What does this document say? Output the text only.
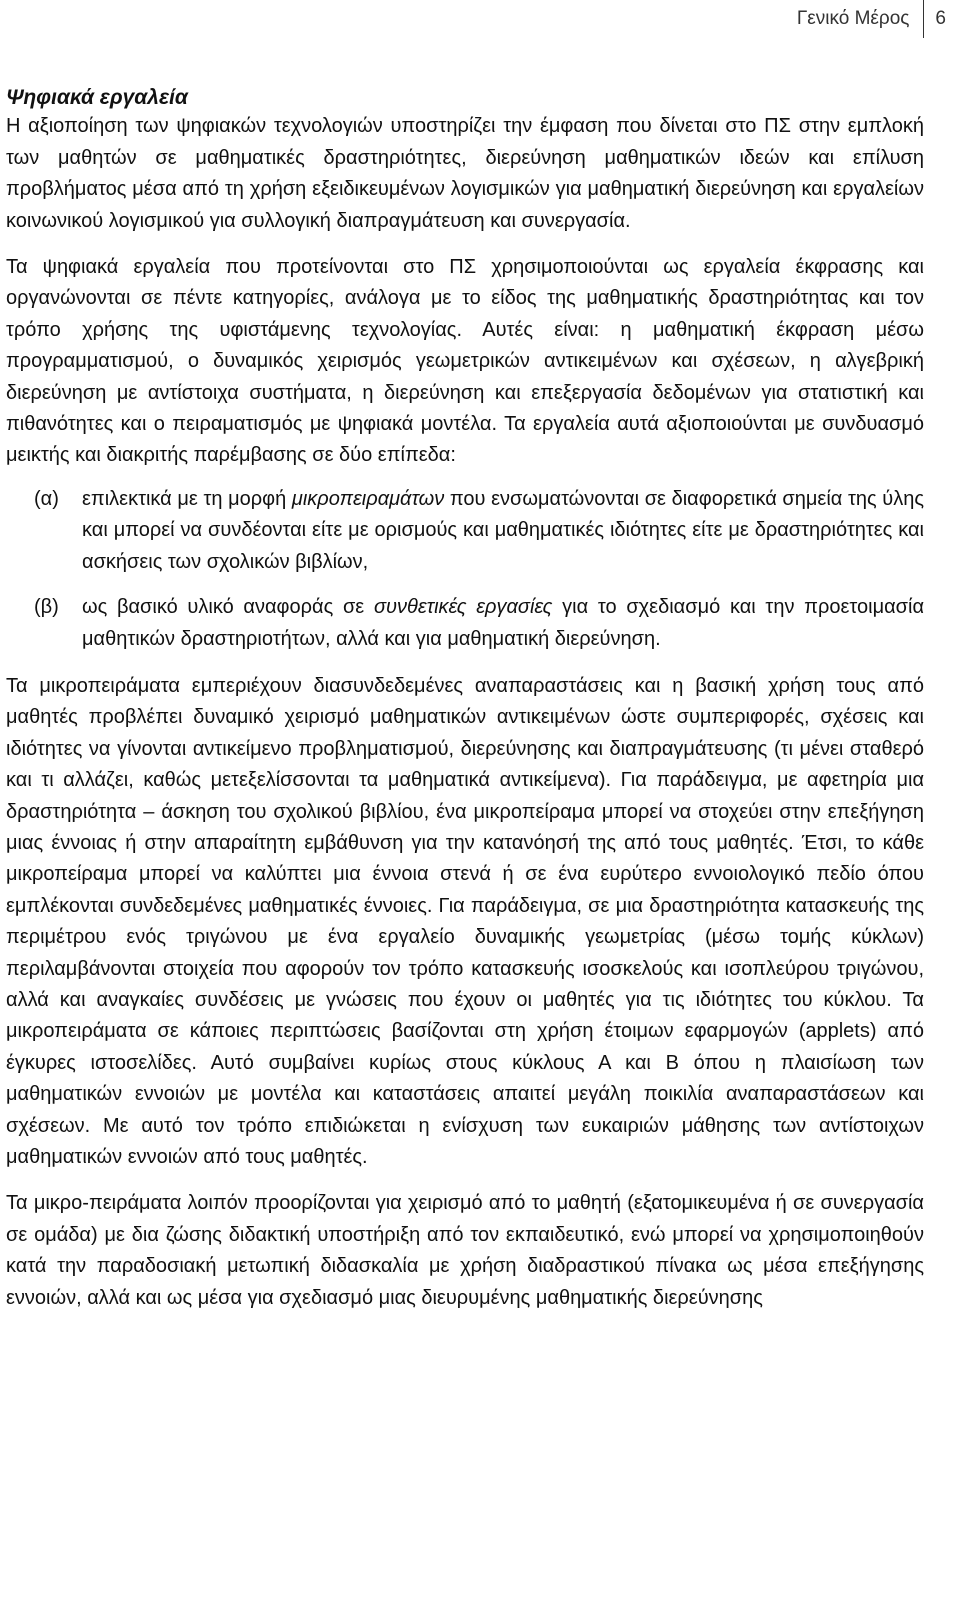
Γενικό Μέρος	6
Ψηφιακά εργαλεία

Η αξιοποίηση των ψηφιακών τεχνολογιών υποστηρίζει την έμφαση που δίνεται στο ΠΣ στην εμπλοκή των μαθητών σε μαθηματικές δραστηριότητες, διερεύνηση μαθηματικών ιδεών και επίλυση προβλήματος μέσα από τη χρήση εξειδικευμένων λογισμικών για μαθηματική διερεύνηση και εργαλείων κοινωνικού λογισμικού για συλλογική διαπραγμάτευση και συνεργασία.

Τα ψηφιακά εργαλεία που προτείνονται στο ΠΣ χρησιμοποιούνται ως εργαλεία έκφρασης και οργανώνονται σε πέντε κατηγορίες, ανάλογα με το είδος της μαθηματικής δραστηριότητας και τον τρόπο χρήσης της υφιστάμενης τεχνολογίας. Αυτές είναι: η μαθηματική έκφραση μέσω προγραμματισμού, ο δυναμικός χειρισμός γεωμετρικών αντικειμένων και σχέσεων, η αλγεβρική διερεύνηση με αντίστοιχα συστήματα, η διερεύνηση και επεξεργασία δεδομένων για στατιστική και πιθανότητες και ο πειραματισμός με ψηφιακά μοντέλα. Τα εργαλεία αυτά αξιοποιούνται με συνδυασμό μεικτής και διακριτής παρέμβασης σε δύο επίπεδα:

(α)	επιλεκτικά με τη μορφή μικροπειραμάτων που ενσωματώνονται σε διαφορετικά σημεία της ύλης και μπορεί να συνδέονται είτε με ορισμούς και μαθηματικές ιδιότητες είτε με δραστηριότητες και ασκήσεις των σχολικών βιβλίων,
(β)	ως βασικό υλικό αναφοράς σε συνθετικές εργασίες για το σχεδιασμό και την προετοιμασία μαθητικών δραστηριοτήτων, αλλά και για μαθηματική διερεύνηση.

Τα μικροπειράματα εμπεριέχουν διασυνδεδεμένες αναπαραστάσεις και η βασική χρήση τους από μαθητές προβλέπει δυναμικό χειρισμό μαθηματικών αντικειμένων ώστε συμπεριφορές, σχέσεις και ιδιότητες να γίνονται αντικείμενο προβληματισμού, διερεύνησης και διαπραγμάτευσης (τι μένει σταθερό και τι αλλάζει, καθώς μετεξελίσσονται τα μαθηματικά αντικείμενα). Για παράδειγμα, με αφετηρία μια δραστηριότητα – άσκηση του σχολικού βιβλίου, ένα μικροπείραμα μπορεί να στοχεύει στην επεξήγηση μιας έννοιας ή στην απαραίτητη εμβάθυνση για την κατανόησή της από τους μαθητές. Έτσι, το κάθε μικροπείραμα μπορεί να καλύπτει μια έννοια στενά ή σε ένα ευρύτερο εννοιολογικό πεδίο όπου εμπλέκονται συνδεδεμένες μαθηματικές έννοιες. Για παράδειγμα, σε μια δραστηριότητα κατασκευής της περιμέτρου ενός τριγώνου με ένα εργαλείο δυναμικής γεωμετρίας (μέσω τομής κύκλων) περιλαμβάνονται στοιχεία που αφορούν τον τρόπο κατασκευής ισοσκελούς και ισοπλεύρου τριγώνου, αλλά και αναγκαίες συνδέσεις με γνώσεις που έχουν οι μαθητές για τις ιδιότητες του κύκλου. Τα μικροπειράματα σε κάποιες περιπτώσεις βασίζονται στη χρήση έτοιμων εφαρμογών (applets) από έγκυρες ιστοσελίδες. Αυτό συμβαίνει κυρίως στους κύκλους Α και Β όπου η πλαισίωση των μαθηματικών εννοιών με μοντέλα και καταστάσεις απαιτεί μεγάλη ποικιλία αναπαραστάσεων και σχέσεων. Με αυτό τον τρόπο επιδιώκεται η ενίσχυση των ευκαιριών μάθησης των αντίστοιχων μαθηματικών εννοιών από τους μαθητές.

Τα μικρο-πειράματα λοιπόν προορίζονται για χειρισμό από το μαθητή (εξατομικευμένα ή σε συνεργασία σε ομάδα) με δια ζώσης διδακτική υποστήριξη από τον εκπαιδευτικό, ενώ μπορεί να χρησιμοποιηθούν κατά την παραδοσιακή μετωπική διδασκαλία με χρήση διαδραστικού πίνακα ως μέσα επεξήγησης εννοιών, αλλά και ως μέσα για σχεδιασμό μιας διευρυμένης μαθηματικής διερεύνησης
